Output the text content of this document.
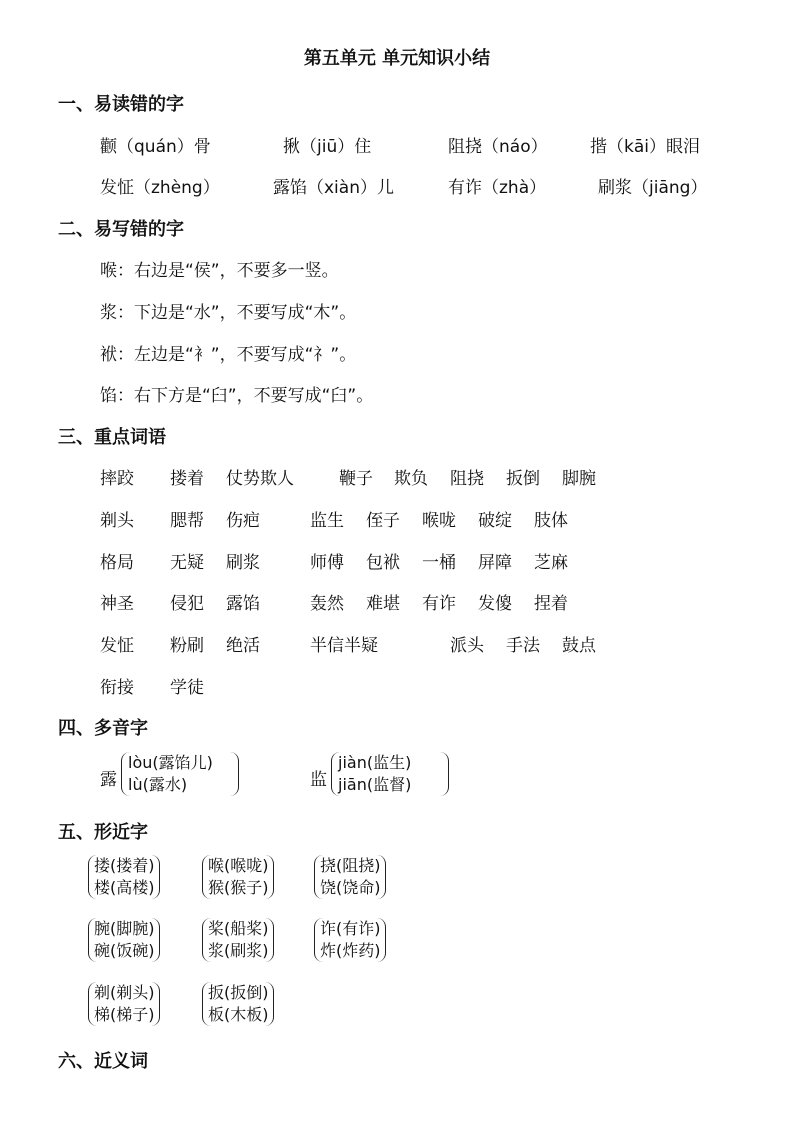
第五单元 单元知识小结
一、易读错的字
颧（quán）骨	揪（jiū）住	阻挠（náo） 揩（kāi）眼泪
发怔（zhèng）	露馅（xiàn）儿	有诈（zhà）	刷浆（jiāng）
二、易写错的字
喉：右边是“侯”，不要多一竖。
浆：下边是“水”，不要写成“木”。
袱：左边是“衤”，不要写成“礻”。
馅：右下方是“臼”，不要写成“臼”。
三、重点词语
摔跤 搂着 仗势欺人	鞭子 欺负 阻挠 扳倒 脚腕
剃头 腮帮 伤疤	监生 侄子 喉咙 破绽 肢体
格局 无疑 刷浆	师傅 包袱 一桶 屏障 芝麻
神圣 侵犯 露馅	轰然 难堪 有诈 发傻 捏着
发怔 粉刷 绝活	半信半疑	派头 手法 鼓点
衔接 学徒
四、多音字
露
lòu(露馅儿)
lù(露水)	监
jiàn(监生)
jiān(监督)
五、形近字
搂(搂着)
楼(高楼)
喉(喉咙)
猴(猴子)
挠(阻挠)
饶(饶命)
腕(脚腕)
碗(饭碗)
桨(船桨)
浆(刷浆)
诈(有诈)
炸(炸药)
剃(剃头)
梯(梯子)
扳(扳倒)
板(木板)
六、近义词
